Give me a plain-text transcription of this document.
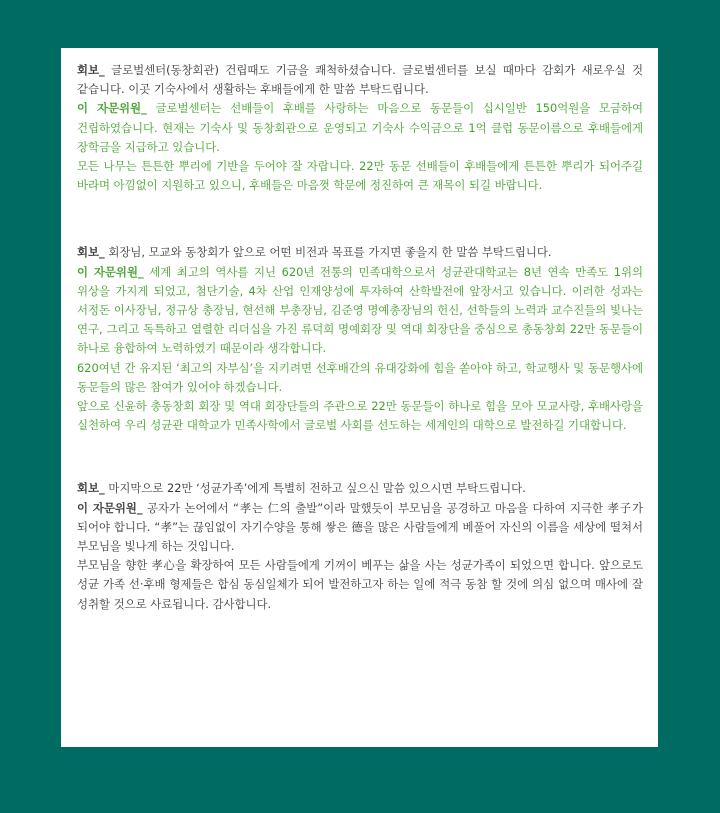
회보_ 글로벌센터(동창회관) 건립때도 기금을 쾌척하셨습니다. 글로벌센터를 보실 때마다 감회가 새로우실 것 같습니다. 이곳 기숙사에서 생활하는 후배들에게 한 말씀 부탁드립니다.

이 자문위원_ 글로벌센터는 선배들이 후배를 사랑하는 마음으로 동문들이 십시일반 150억원을 모금하여 건립하였습니다. 현재는 기숙사 및 동창회관으로 운영되고 기숙사 수익금으로 1억 클럽 동문이름으로 후배들에게 장학금을 지급하고 있습니다.

모든 나무는 튼튼한 뿌리에 기반을 두어야 잘 자랍니다. 22만 동문 선배들이 후배들에게 튼튼한 뿌리가 되어주길 바라며 아낌없이 지원하고 있으니, 후배들은 마음껏 학문에 정진하여 큰 재목이 되길 바랍니다.

회보_ 회장님, 모교와 동창회가 앞으로 어떤 비전과 목표를 가지면 좋을지 한 말씀 부탁드립니다.

이 자문위원_ 세계 최고의 역사를 지닌 620년 전통의 민족대학으로서 성균관대학교는 8년 연속 만족도 1위의 위상을 가지게 되었고, 첨단기술, 4차 산업 인재양성에 투자하여 산학발전에 앞장서고 있습니다. 이러한 성과는 서정돈 이사장님, 정규상 총장님, 현선해 부총장님, 김준영 명예총장님의 헌신, 선학들의 노력과 교수진들의 빛나는 연구, 그리고 독특하고 열렬한 리더십을 가진 류덕희 명예회장 및 역대 회장단을 중심으로 총동창회 22만 동문들이 하나로 융합하여 노력하였기 때문이라 생각합니다.

620여년 간 유지된 ‘최고의 자부심’을 지키려면 선후배간의 유대강화에 힘을 쏟아야 하고, 학교행사 및 동문행사에 동문들의 많은 참여가 있어야 하겠습니다.

앞으로 신윤하 총동창회 회장 및 역대 회장단들의 주관으로 22만 동문들이 하나로 힘을 모아 모교사랑, 후배사랑을 실천하여 우리 성균관 대학교가 민족사학에서 글로벌 사회를 선도하는 세계인의 대학으로 발전하길 기대합니다.

회보_ 마지막으로 22만 ‘성균가족’에게 특별히 전하고 싶으신 말씀 있으시면 부탁드립니다.

이 자문위원_ 공자가 논어에서 “孝는 仁의 출발”이라 말했듯이 부모님을 공경하고 마음을 다하여 지극한 孝子가 되어야 합니다. “孝”는 끊임없이 자기수양을 통해 쌓은 德을 많은 사람들에게 베풀어 자신의 이름을 세상에 떨쳐서 부모님을 빛나게 하는 것입니다.

부모님을 향한 孝心을 확장하여 모든 사람들에게 기꺼이 베푸는 삶을 사는 성균가족이 되었으면 합니다. 앞으로도 성균 가족 선·후배 형제들은 합심 동심일체가 되어 발전하고자 하는 일에 적극 동참 할 것에 의심 없으며 매사에 잘 성취할 것으로 사료됩니다. 감사합니다.
